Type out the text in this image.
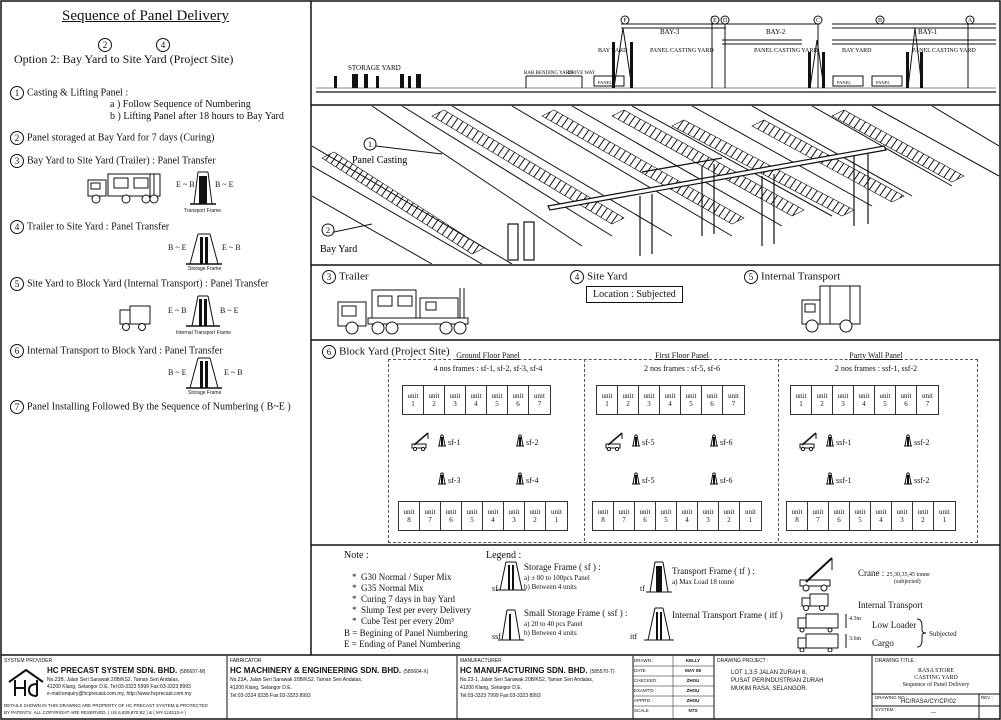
Sequence of Panel Delivery
2	4
Option 2: Bay Yard to Site Yard (Project Site)
1 Casting & Lifting Panel :
a ) Follow Sequence of Numbering
b ) Lifting Panel after 18 hours to Bay Yard
2 Panel storaged at Bay Yard for 7 days (Curing)
3 Bay Yard to Site Yard (Trailer) : Panel Transfer
E ~ B	B ~ E
Transport Frame
4 Trailer to Site Yard : Panel Transfer
B ~ E	E ~ B
Storage Frame
5 Site Yard to Block Yard (Internal Transport) : Panel Transfer
E ~ B	B ~ E
Internal Transport Frame
6 Internal Transport to Block Yard : Panel Transfer
B ~ E	E ~ B
Storage Frame
7 Panel Installing Followed By the Sequence of Numbering ( B~E )
F	E D	C	B	A
STORAGE YARD
BAR BENDING YARD
DRIVE WAY
PANEL	PANEL	PANEL
BAY-3
BAY YARD	PANEL CASTING YARD
BAY-2
PANEL CASTING YARD
BAY-1
BAY YARD	PANEL CASTING YARD
1
Panel Casting
2
Bay Yard
3 Trailer	4 Site Yard
Location : Subjected
5 Internal Transport
6 Block Yard (Project Site) Ground Floor Panel
4 nos frames : sf-1, sf-2, sf-3, sf-4
unit
1
unit
2
unit
3
unit
4
unit
5
unit
6
unit
7
unit
8
unit
7
unit
6
unit
5
unit
4
unit
3
unit
2
unit
1
sf-1	sf-2
sf-3	sf-4
First Floor Panel
2 nos frames : sf-5, sf-6
unit
1
unit
2
unit
3
unit
4
unit
5
unit
6
unit
7
unit
8
unit
7
unit
6
unit
5
unit
4
unit
3
unit
2
unit
1
sf-5	sf-6
sf-5	sf-6
Party Wall Panel
2 nos frames : ssf-1, ssf-2
unit
1
unit
2
unit
3
unit
4
unit
5
unit
6
unit
7
unit
8
unit
7
unit
6
unit
5
unit
4
unit
3
unit
2
unit
1
ssf-1	ssf-2
ssf-1	ssf-2
Note :
*  G30 Normal / Super Mix
*  G35 Normal Mix
*  Curing 7 days in bay Yard
*  Slump Test per every Delivery
*  Cube Test per every 20m³
B = Begining of Panel Numbering
E = Ending of Panel Numbering
Legend :
sf
Storage Frame ( sf ) :
a) ± 80 to 100pcs Panel
b) Between 4 units
ssf
Small Storage Frame ( ssf ) :
a) 20 to 40 pcs Panel
b) Between 4 units
tf
Transport Frame ( tf ) :
a) Max Load 18 tonne
itf
Internal Transport Frame ( itf )
Crane : 25,30,35,45 tonne
(subjected)
Internal Transport
4.3m
3.6m
Low Loader
Cargo
Subjected
SYSTEM PROVIDER
HC PRECAST SYSTEM SDN. BHD. (586697-M)
No.23B, Jalan Seri Sarawak 20B/KS2, Taman Seri Andalas,
41200 Klang, Selangor D.E. Tel:03-3323 5999 Fax:03-3323 8993
e-mail:enquiry@hcprecast.com.my, http://www.hcprecast.com.my
DETAILS SHOWN IN THIS DRAWING ARE PROPERTY OF HC PRECAST SYSTEM & PROTECTED
BY PATENTS. ALL COPYRIGHT ARE RESERVED. ( US 6,829,870 B2 ) & ( MY-124213-A )
FABRICATOR
HC MACHINERY & ENGINEERING SDN. BHD. (585604-X)
No.23A, Jalan Seri Sarawak 20B/KS2, Taman Seri Andalas,
41200 Klang, Selangor D.E.
Tel:03-3324 9335 Fax:03-3323 8993
MANUFACTURER
HC MANUFACTURING SDN. BHD. (585570-T)
No.23-1, Jalan Seri Sarawak 20B/KS2, Taman Seri Andalas,
41200 Klang, Selangor D.E.
Tel:03-3323 7999 Fax:03-3323 8993
DRAWING PROJECT :
LOT 1,3,5 JALAN ZURAH 8,
PUSAT PERINDUSTRIAN ZURAH
MUKIM RASA, SELANGOR.
DRAWING TITLE :
RASA STORE
CASTING YARD
Sequence of Panel Delivery
DRAWING NO :
HC/RASA/CY/CP/02
REV :
SYSTEM :
—
DRAWN :	KELLY
DATE	MAY 08
CHECKED :	ZHOU
EXAMT'D :	ZHOU
APPR'D :	ZHOU
SCALE	NTS
